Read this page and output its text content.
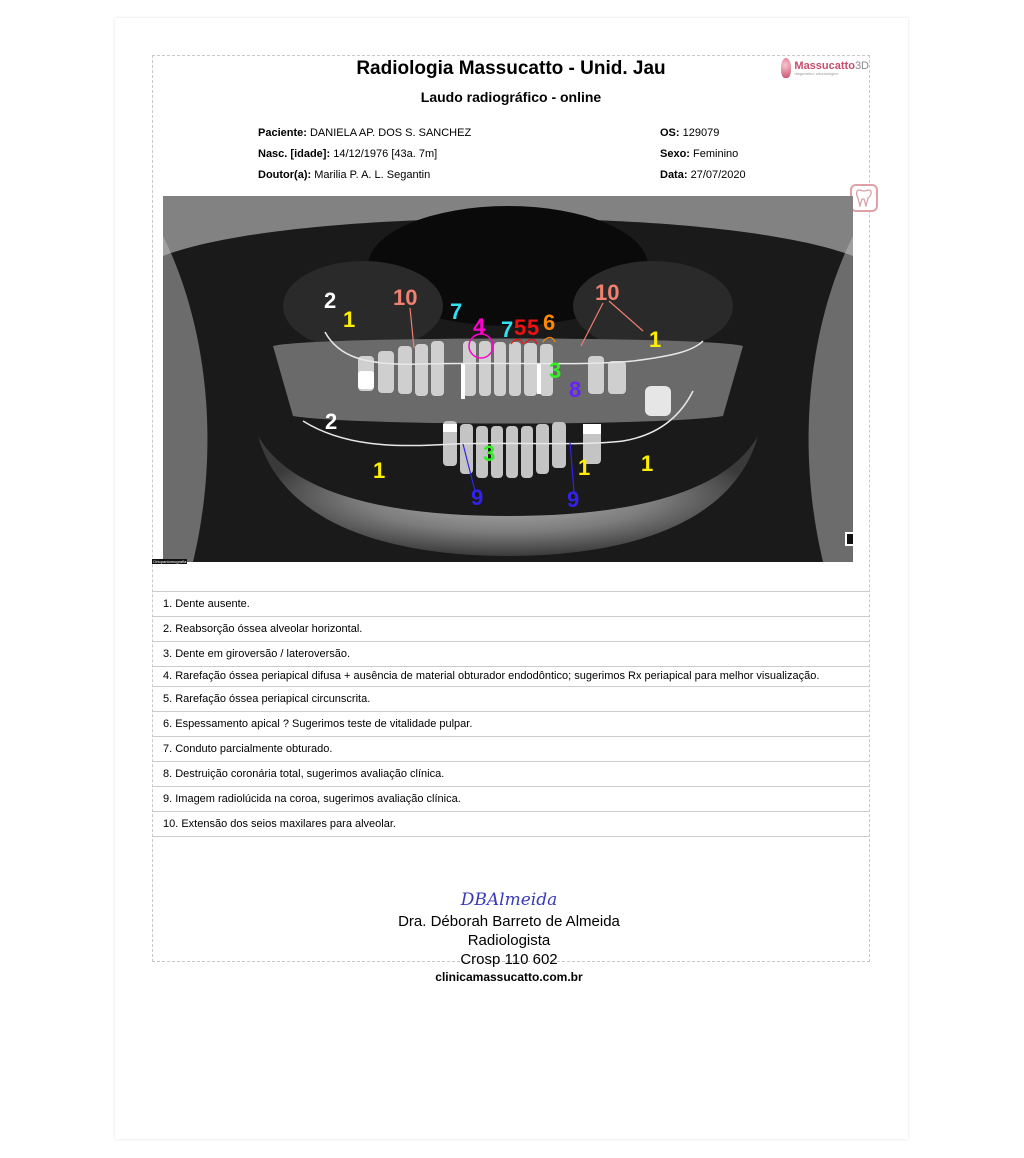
Radiologia Massucatto - Unid. Jau
Laudo radiográfico - online
Massucatto3D
diagnóstico odontológico
Paciente: DANIELA AP. DOS S. SANCHEZ
Nasc. [idade]: 14/12/1976 [43a. 7m]
Doutor(a): Marilia P. A. L. Segantin
OS: 129079
Sexo: Feminino
Data: 27/07/2020
2
1
10
7
4 7 5 5 6
10
1
3
8
2
1
3
9
1
9
1
Ortopantomografia
1. Dente ausente.
2. Reabsorção óssea alveolar horizontal.
3. Dente em giroversão / lateroversão.
4. Rarefação óssea periapical difusa + ausência de material obturador endodôntico; sugerimos Rx periapical para melhor visualização.
5. Rarefação óssea periapical circunscrita.
6. Espessamento apical ? Sugerimos teste de vitalidade pulpar.
7. Conduto parcialmente obturado.
8. Destruição coronária total, sugerimos avaliação clínica.
9. Imagem radiolúcida na coroa, sugerimos avaliação clínica.
10. Extensão dos seios maxilares para alveolar.
DBAlmeida
Dra. Déborah Barreto de Almeida
Radiologista
Crosp 110 602
clinicamassucatto.com.br
